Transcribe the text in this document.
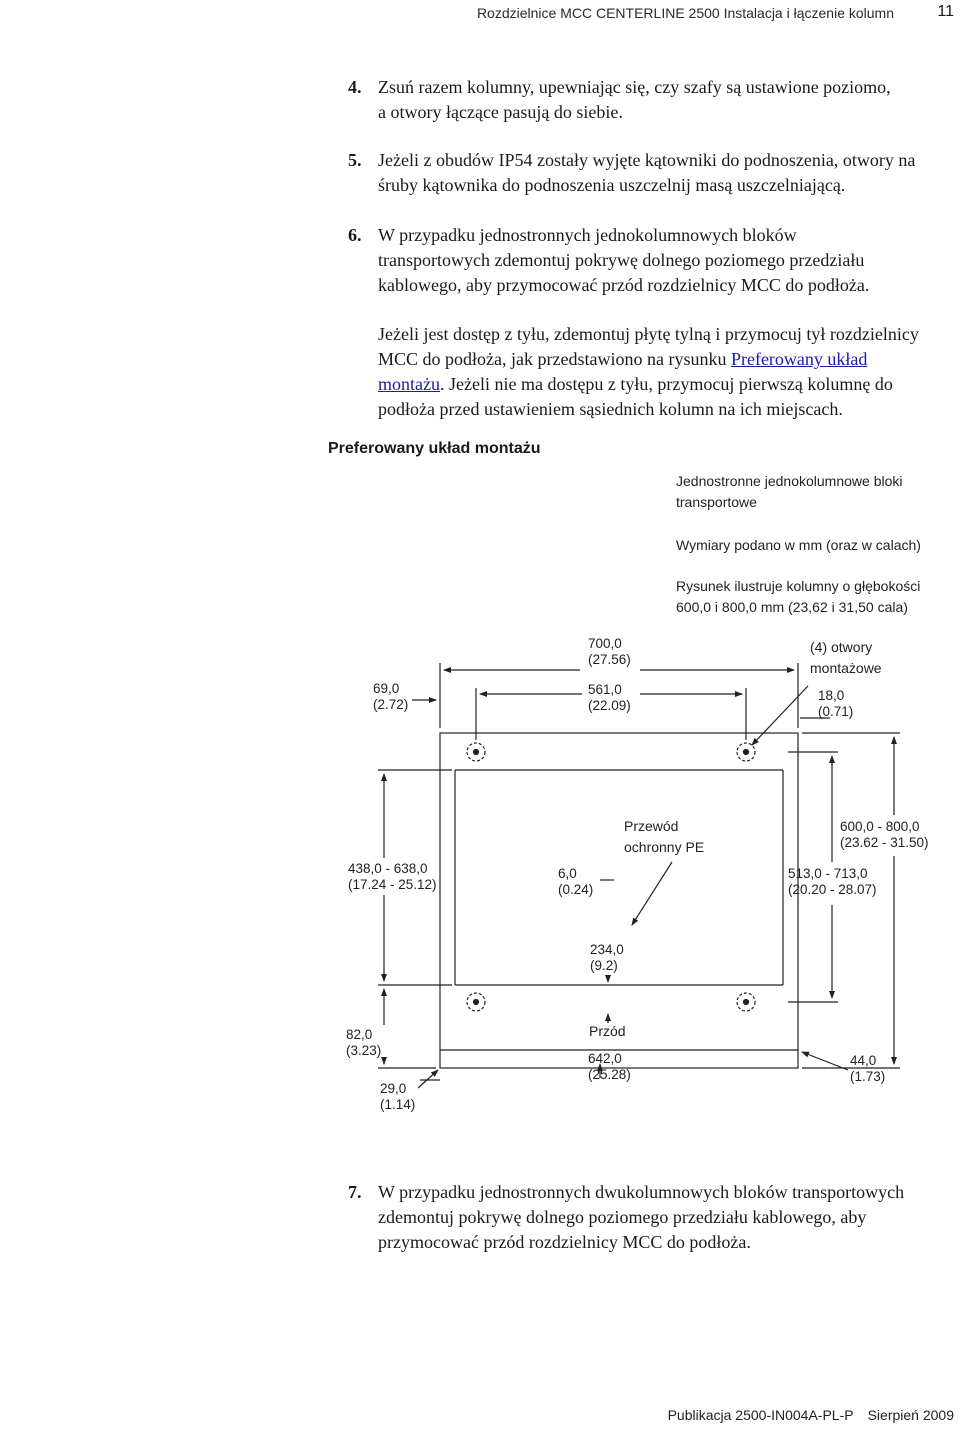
Rozdzielnice MCC CENTERLINE 2500 Instalacja i łączenie kolumn	11
4. Zsuń razem kolumny, upewniając się, czy szafy są ustawione poziomo,
a otwory łączące pasują do siebie.
5. Jeżeli z obudów IP54 zostały wyjęte kątowniki do podnoszenia, otwory na
śruby kątownika do podnoszenia uszczelnij masą uszczelniającą.
6. W przypadku jednostronnych jednokolumnowych bloków
transportowych zdemontuj pokrywę dolnego poziomego przedziału
kablowego, aby przymocować przód rozdzielnicy MCC do podłoża.
Jeżeli jest dostęp z tyłu, zdemontuj płytę tylną i przymocuj tył rozdzielnicy
MCC do podłoża, jak przedstawiono na rysunku Preferowany układ
montażu. Jeżeli nie ma dostępu z tyłu, przymocuj pierwszą kolumnę do
podłoża przed ustawieniem sąsiednich kolumn na ich miejscach.
Preferowany układ montażu
Jednostronne jednokolumnowe bloki
transportowe
Wymiary podano w mm (oraz w calach)
Rysunek ilustruje kolumny o głębokości
600,0 i 800,0 mm (23,62 i 31,50 cala)
700,0
(27.56)
(4) otwory
montażowe
69,0
(2.72)
561,0
(22.09)
18,0
(0.71)
Przewód
ochronny PE
600,0 - 800,0
(23.62 - 31.50)
438,0 - 638,0
(17.24 - 25.12)
6,0
(0.24)
513,0 - 713,0
(20.20 - 28.07)
234,0
(9.2)
82,0
(3.23)
Przód
642,0
(25.28)
44,0
(1.73)
29,0
(1.14)
7. W przypadku jednostronnych dwukolumnowych bloków transportowych
zdemontuj pokrywę dolnego poziomego przedziału kablowego, aby
przymocować przód rozdzielnicy MCC do podłoża.
Publikacja 2500-IN004A-PL-P Sierpień 2009
